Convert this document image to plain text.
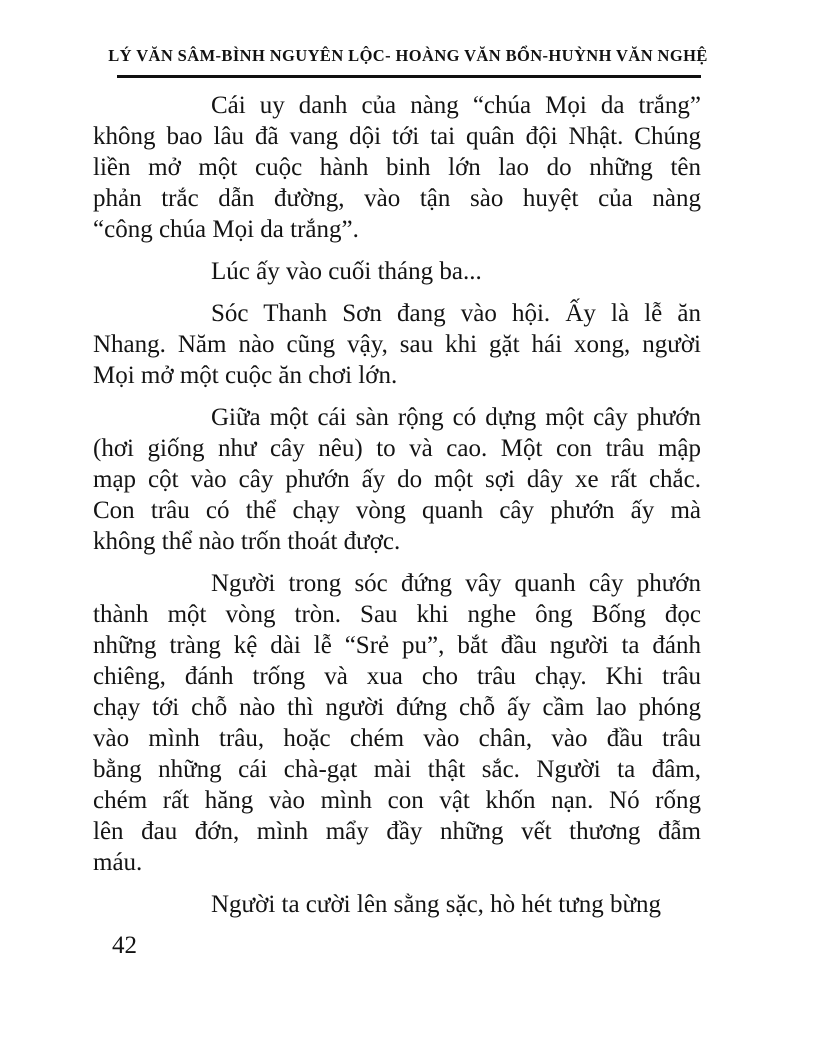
LÝ VĂN SÂM-BÌNH NGUYÊN LỘC- HOÀNG VĂN BỔN-HUỲNH VĂN NGHỆ
Cái uy danh của nàng “chúa Mọi da trắng”
không bao lâu đã vang dội tới tai quân đội Nhật. Chúng
liền mở một cuộc hành binh lớn lao do những tên
phản trắc dẫn đường, vào tận sào huyệt của nàng
“công chúa Mọi da trắng”.
Lúc ấy vào cuối tháng ba...
Sóc Thanh Sơn đang vào hội. Ấy là lễ ăn
Nhang. Năm nào cũng vậy, sau khi gặt hái xong, người
Mọi mở một cuộc ăn chơi lớn.
Giữa một cái sàn rộng có dựng một cây phướn
(hơi giống như cây nêu) to và cao. Một con trâu mập
mạp cột vào cây phướn ấy do một sợi dây xe rất chắc.
Con trâu có thể chạy vòng quanh cây phướn ấy mà
không thể nào trốn thoát được.
Người trong sóc đứng vây quanh cây phướn
thành một vòng tròn. Sau khi nghe ông Bống đọc
những tràng kệ dài lễ “Srẻ pu”, bắt đầu người ta đánh
chiêng, đánh trống và xua cho trâu chạy. Khi trâu
chạy tới chỗ nào thì người đứng chỗ ấy cầm lao phóng
vào mình trâu, hoặc chém vào chân, vào đầu trâu
bằng những cái chà-gạt mài thật sắc. Người ta đâm,
chém rất hăng vào mình con vật khốn nạn. Nó rống
lên đau đớn, mình mẩy đầy những vết thương đẫm
máu.
Người ta cười lên sằng sặc, hò hét tưng bừng
42
